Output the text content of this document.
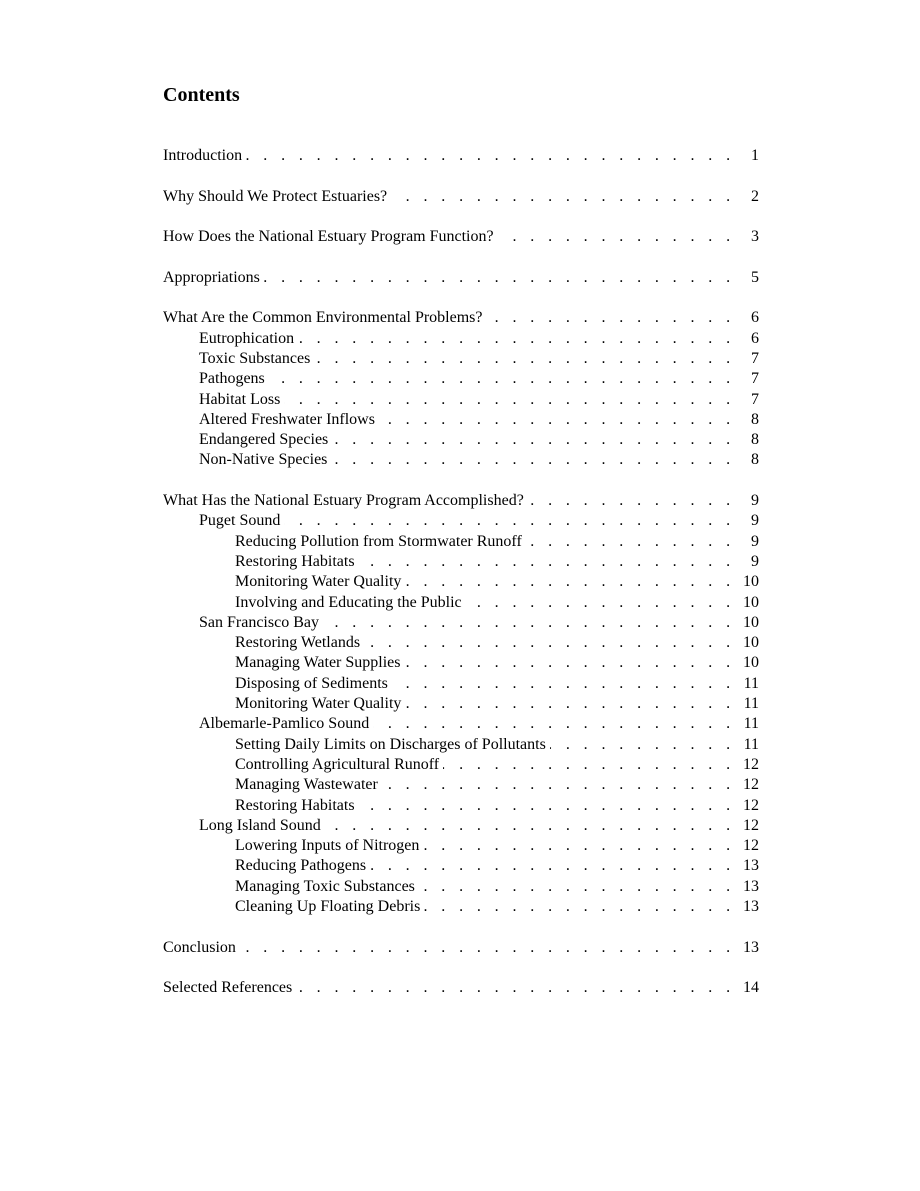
Contents
Introduction . . .	1
Why Should We Protect Estuaries? . . .	2
How Does the National Estuary Program Function? . . .	3
Appropriations . . .	5
What Are the Common Environmental Problems? . . .	6
Eutrophication . . .	6
Toxic Substances . . .	7
Pathogens . . .	7
Habitat Loss . . .	7
Altered Freshwater Inflows . . .	8
Endangered Species . . .	8
Non-Native Species . . .	8
What Has the National Estuary Program Accomplished? . . .	9
Puget Sound . . .	9
Reducing Pollution from Stormwater Runoff . . .	9
Restoring Habitats . . .	9
Monitoring Water Quality . . .	10
Involving and Educating the Public . . .	10
San Francisco Bay . . .	10
Restoring Wetlands . . .	10
Managing Water Supplies . . .	10
Disposing of Sediments . . .	11
Monitoring Water Quality . . .	11
Albemarle-Pamlico Sound . . .	11
Setting Daily Limits on Discharges of Pollutants . . .	11
Controlling Agricultural Runoff . . .	12
Managing Wastewater . . .	12
Restoring Habitats . . .	12
Long Island Sound . . .	12
Lowering Inputs of Nitrogen . . .	12
Reducing Pathogens . . .	13
Managing Toxic Substances . . .	13
Cleaning Up Floating Debris . . .	13
Conclusion . . .	13
Selected References . . .	14
